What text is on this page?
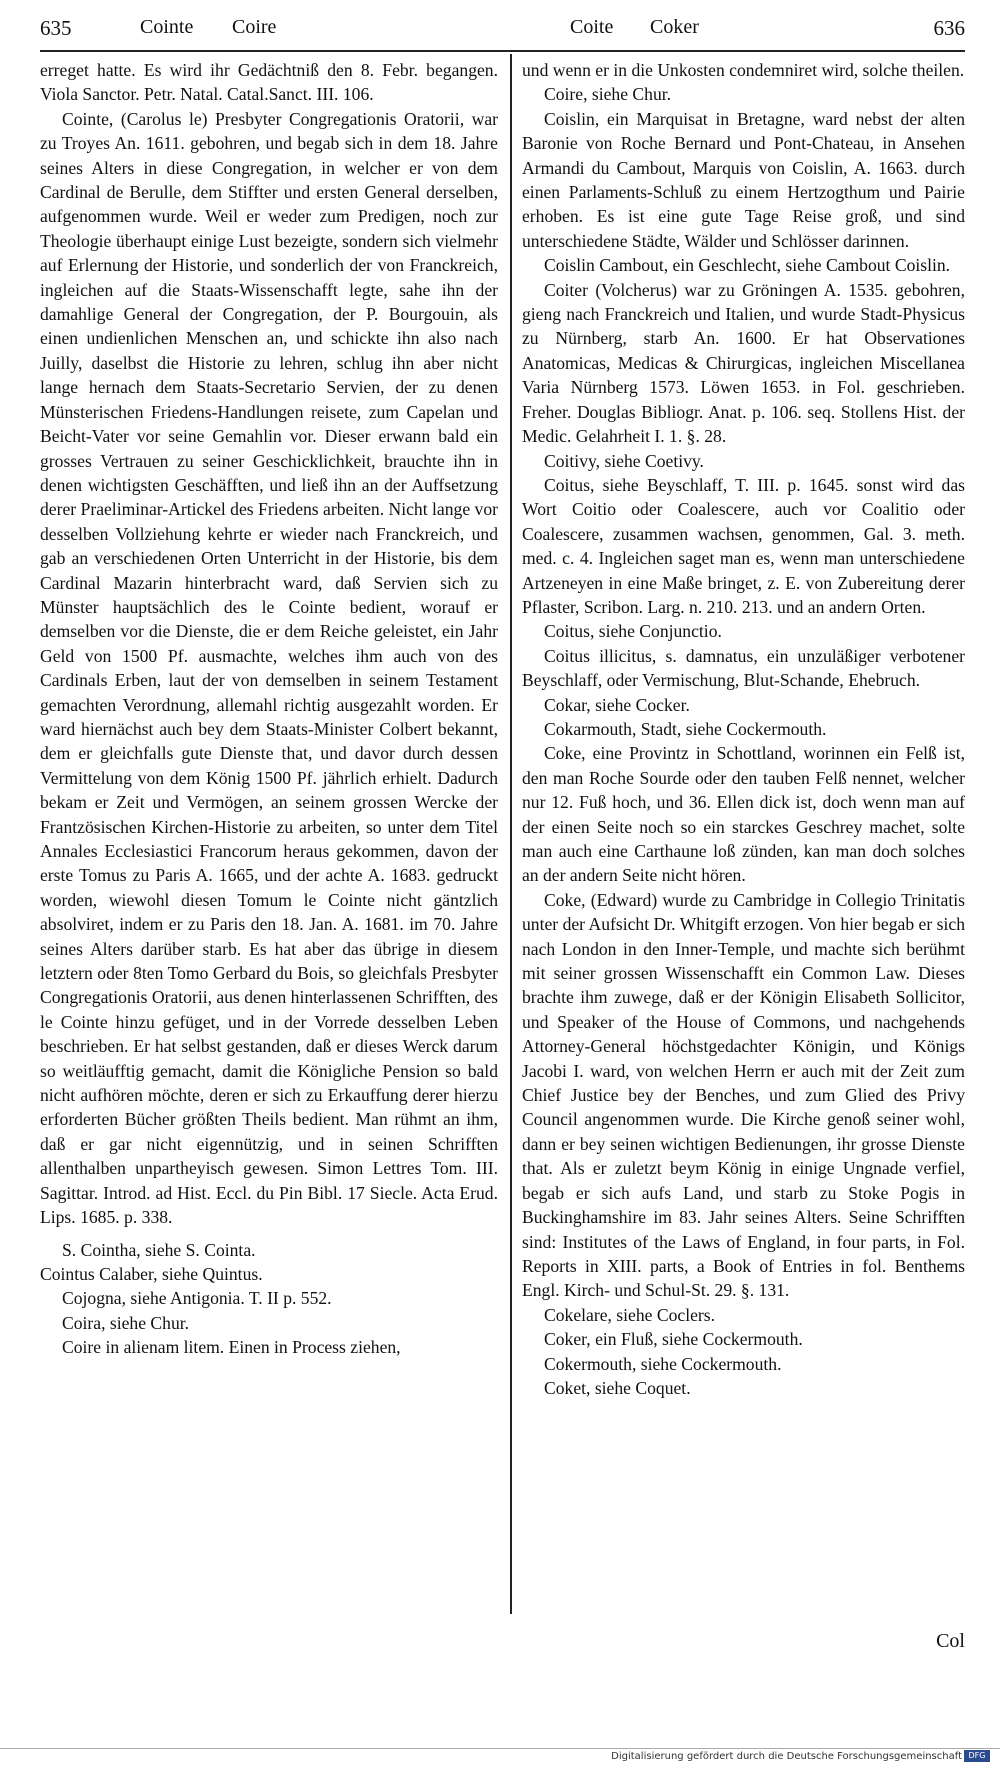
635	Cointe Coire	Coite Coker	636

erreget hatte. Es wird ihr Gedächtniß den 8. Febr. begangen. Viola Sanctor. Petr. Natal. Catal.Sanct. III. 106.

Cointe, (Carolus le) Presbyter Congregationis Oratorii, war zu Troyes An. 1611. gebohren, und begab sich in dem 18. Jahre seines Alters in diese Congregation, in welcher er von dem Cardinal de Berulle, dem Stiffter und ersten General derselben, aufgenommen wurde. Weil er weder zum Predigen, noch zur Theologie überhaupt einige Lust bezeigte, sondern sich vielmehr auf Erlernung der Historie, und sonderlich der von Franckreich, ingleichen auf die Staats-Wissenschafft legte, sahe ihn der damahlige General der Congregation, der P. Bourgouin, als einen undienlichen Menschen an, und schickte ihn also nach Juilly, daselbst die Historie zu lehren, schlug ihn aber nicht lange hernach dem Staats-Secretario Servien, der zu denen Münsterischen Friedens-Handlungen reisete, zum Capelan und Beicht-Vater vor seine Gemahlin vor. Dieser erwann bald ein grosses Vertrauen zu seiner Geschicklichkeit, brauchte ihn in denen wichtigsten Geschäfften, und ließ ihn an der Auffsetzung derer Praeliminar-Artickel des Friedens arbeiten. Nicht lange vor desselben Vollziehung kehrte er wieder nach Franckreich, und gab an verschiedenen Orten Unterricht in der Historie, bis dem Cardinal Mazarin hinterbracht ward, daß Servien sich zu Münster hauptsächlich des le Cointe bedient, worauf er demselben vor die Dienste, die er dem Reiche geleistet, ein Jahr Geld von 1500 Pf. ausmachte, welches ihm auch von des Cardinals Erben, laut der von demselben in seinem Testament gemachten Verordnung, allemahl richtig ausgezahlt worden. Er ward hiernächst auch bey dem Staats-Minister Colbert bekannt, dem er gleichfalls gute Dienste that, und davor durch dessen Vermittelung von dem König 1500 Pf. jährlich erhielt. Dadurch bekam er Zeit und Vermögen, an seinem grossen Wercke der Frantzösischen Kirchen-Historie zu arbeiten, so unter dem Titel Annales Ecclesiastici Francorum heraus gekommen, davon der erste Tomus zu Paris A. 1665, und der achte A. 1683. gedruckt worden, wiewohl diesen Tomum le Cointe nicht gäntzlich absolviret, indem er zu Paris den 18. Jan. A. 1681. im 70. Jahre seines Alters darüber starb. Es hat aber das übrige in diesem letztern oder 8ten Tomo Gerbard du Bois, so gleichfals Presbyter Congregationis Oratorii, aus denen hinterlassenen Schrifften, des le Cointe hinzu gefüget, und in der Vorrede desselben Leben beschrieben. Er hat selbst gestanden, daß er dieses Werck darum so weitläufftig gemacht, damit die Königliche Pension so bald nicht aufhören möchte, deren er sich zu Erkauffung derer hierzu erforderten Bücher größten Theils bedient. Man rühmt an ihm, daß er gar nicht eigennützig, und in seinen Schrifften allenthalben unpartheyisch gewesen. Simon Lettres Tom. III. Sagittar. Introd. ad Hist. Eccl. du Pin Bibl. 17 Siecle. Acta Erud. Lips. 1685. p. 338.

S. Cointha, siehe S. Cointa.

Cointus Calaber, siehe Quintus.

Cojogna, siehe Antigonia. T. II p. 552.

Coira, siehe Chur.

Coire in alienam litem. Einen in Process ziehen,

und wenn er in die Unkosten condemniret wird, solche theilen.

Coire, siehe Chur.

Coislin, ein Marquisat in Bretagne, ward nebst der alten Baronie von Roche Bernard und Pont-Chateau, in Ansehen Armandi du Cambout, Marquis von Coislin, A. 1663. durch einen Parlaments-Schluß zu einem Hertzogthum und Pairie erhoben. Es ist eine gute Tage Reise groß, und sind unterschiedene Städte, Wälder und Schlösser darinnen.

Coislin Cambout, ein Geschlecht, siehe Cambout Coislin.

Coiter (Volcherus) war zu Gröningen A. 1535. gebohren, gieng nach Franckreich und Italien, und wurde Stadt-Physicus zu Nürnberg, starb An. 1600. Er hat Observationes Anatomicas, Medicas & Chirurgicas, ingleichen Miscellanea Varia Nürnberg 1573. Löwen 1653. in Fol. geschrieben. Freher. Douglas Bibliogr. Anat. p. 106. seq. Stollens Hist. der Medic. Gelahrheit I. 1. §. 28.

Coitivy, siehe Coetivy.

Coitus, siehe Beyschlaff, T. III. p. 1645. sonst wird das Wort Coitio oder Coalescere, auch vor Coalitio oder Coalescere, zusammen wachsen, genommen, Gal. 3. meth. med. c. 4. Ingleichen saget man es, wenn man unterschiedene Artzeneyen in eine Maße bringet, z. E. von Zubereitung derer Pflaster, Scribon. Larg. n. 210. 213. und an andern Orten.

Coitus, siehe Conjunctio.

Coitus illicitus, s. damnatus, ein unzuläßiger verbotener Beyschlaff, oder Vermischung, Blut-Schande, Ehebruch.

Cokar, siehe Cocker.

Cokarmouth, Stadt, siehe Cockermouth.

Coke, eine Provintz in Schottland, worinnen ein Felß ist, den man Roche Sourde oder den tauben Felß nennet, welcher nur 12. Fuß hoch, und 36. Ellen dick ist, doch wenn man auf der einen Seite noch so ein starckes Geschrey machet, solte man auch eine Carthaune loß zünden, kan man doch solches an der andern Seite nicht hören.

Coke, (Edward) wurde zu Cambridge in Collegio Trinitatis unter der Aufsicht Dr. Whitgift erzogen. Von hier begab er sich nach London in den Inner-Temple, und machte sich berühmt mit seiner grossen Wissenschafft ein Common Law. Dieses brachte ihm zuwege, daß er der Königin Elisabeth Sollicitor, und Speaker of the House of Commons, und nachgehends Attorney-General höchstgedachter Königin, und Königs Jacobi I. ward, von welchen Herrn er auch mit der Zeit zum Chief Justice bey der Benches, und zum Glied des Privy Council angenommen wurde. Die Kirche genoß seiner wohl, dann er bey seinen wichtigen Bedienungen, ihr grosse Dienste that. Als er zuletzt beym König in einige Ungnade verfiel, begab er sich aufs Land, und starb zu Stoke Pogis in Buckinghamshire im 83. Jahr seines Alters. Seine Schrifften sind: Institutes of the Laws of England, in four parts, in Fol. Reports in XIII. parts, a Book of Entries in fol. Benthems Engl. Kirch- und Schul-St. 29. §. 131.

Cokelare, siehe Coclers.

Coker, ein Fluß, siehe Cockermouth.

Cokermouth, siehe Cockermouth.

Coket, siehe Coquet.

Col
Digitalisierung gefördert durch die Deutsche Forschungsgemeinschaft DFG
